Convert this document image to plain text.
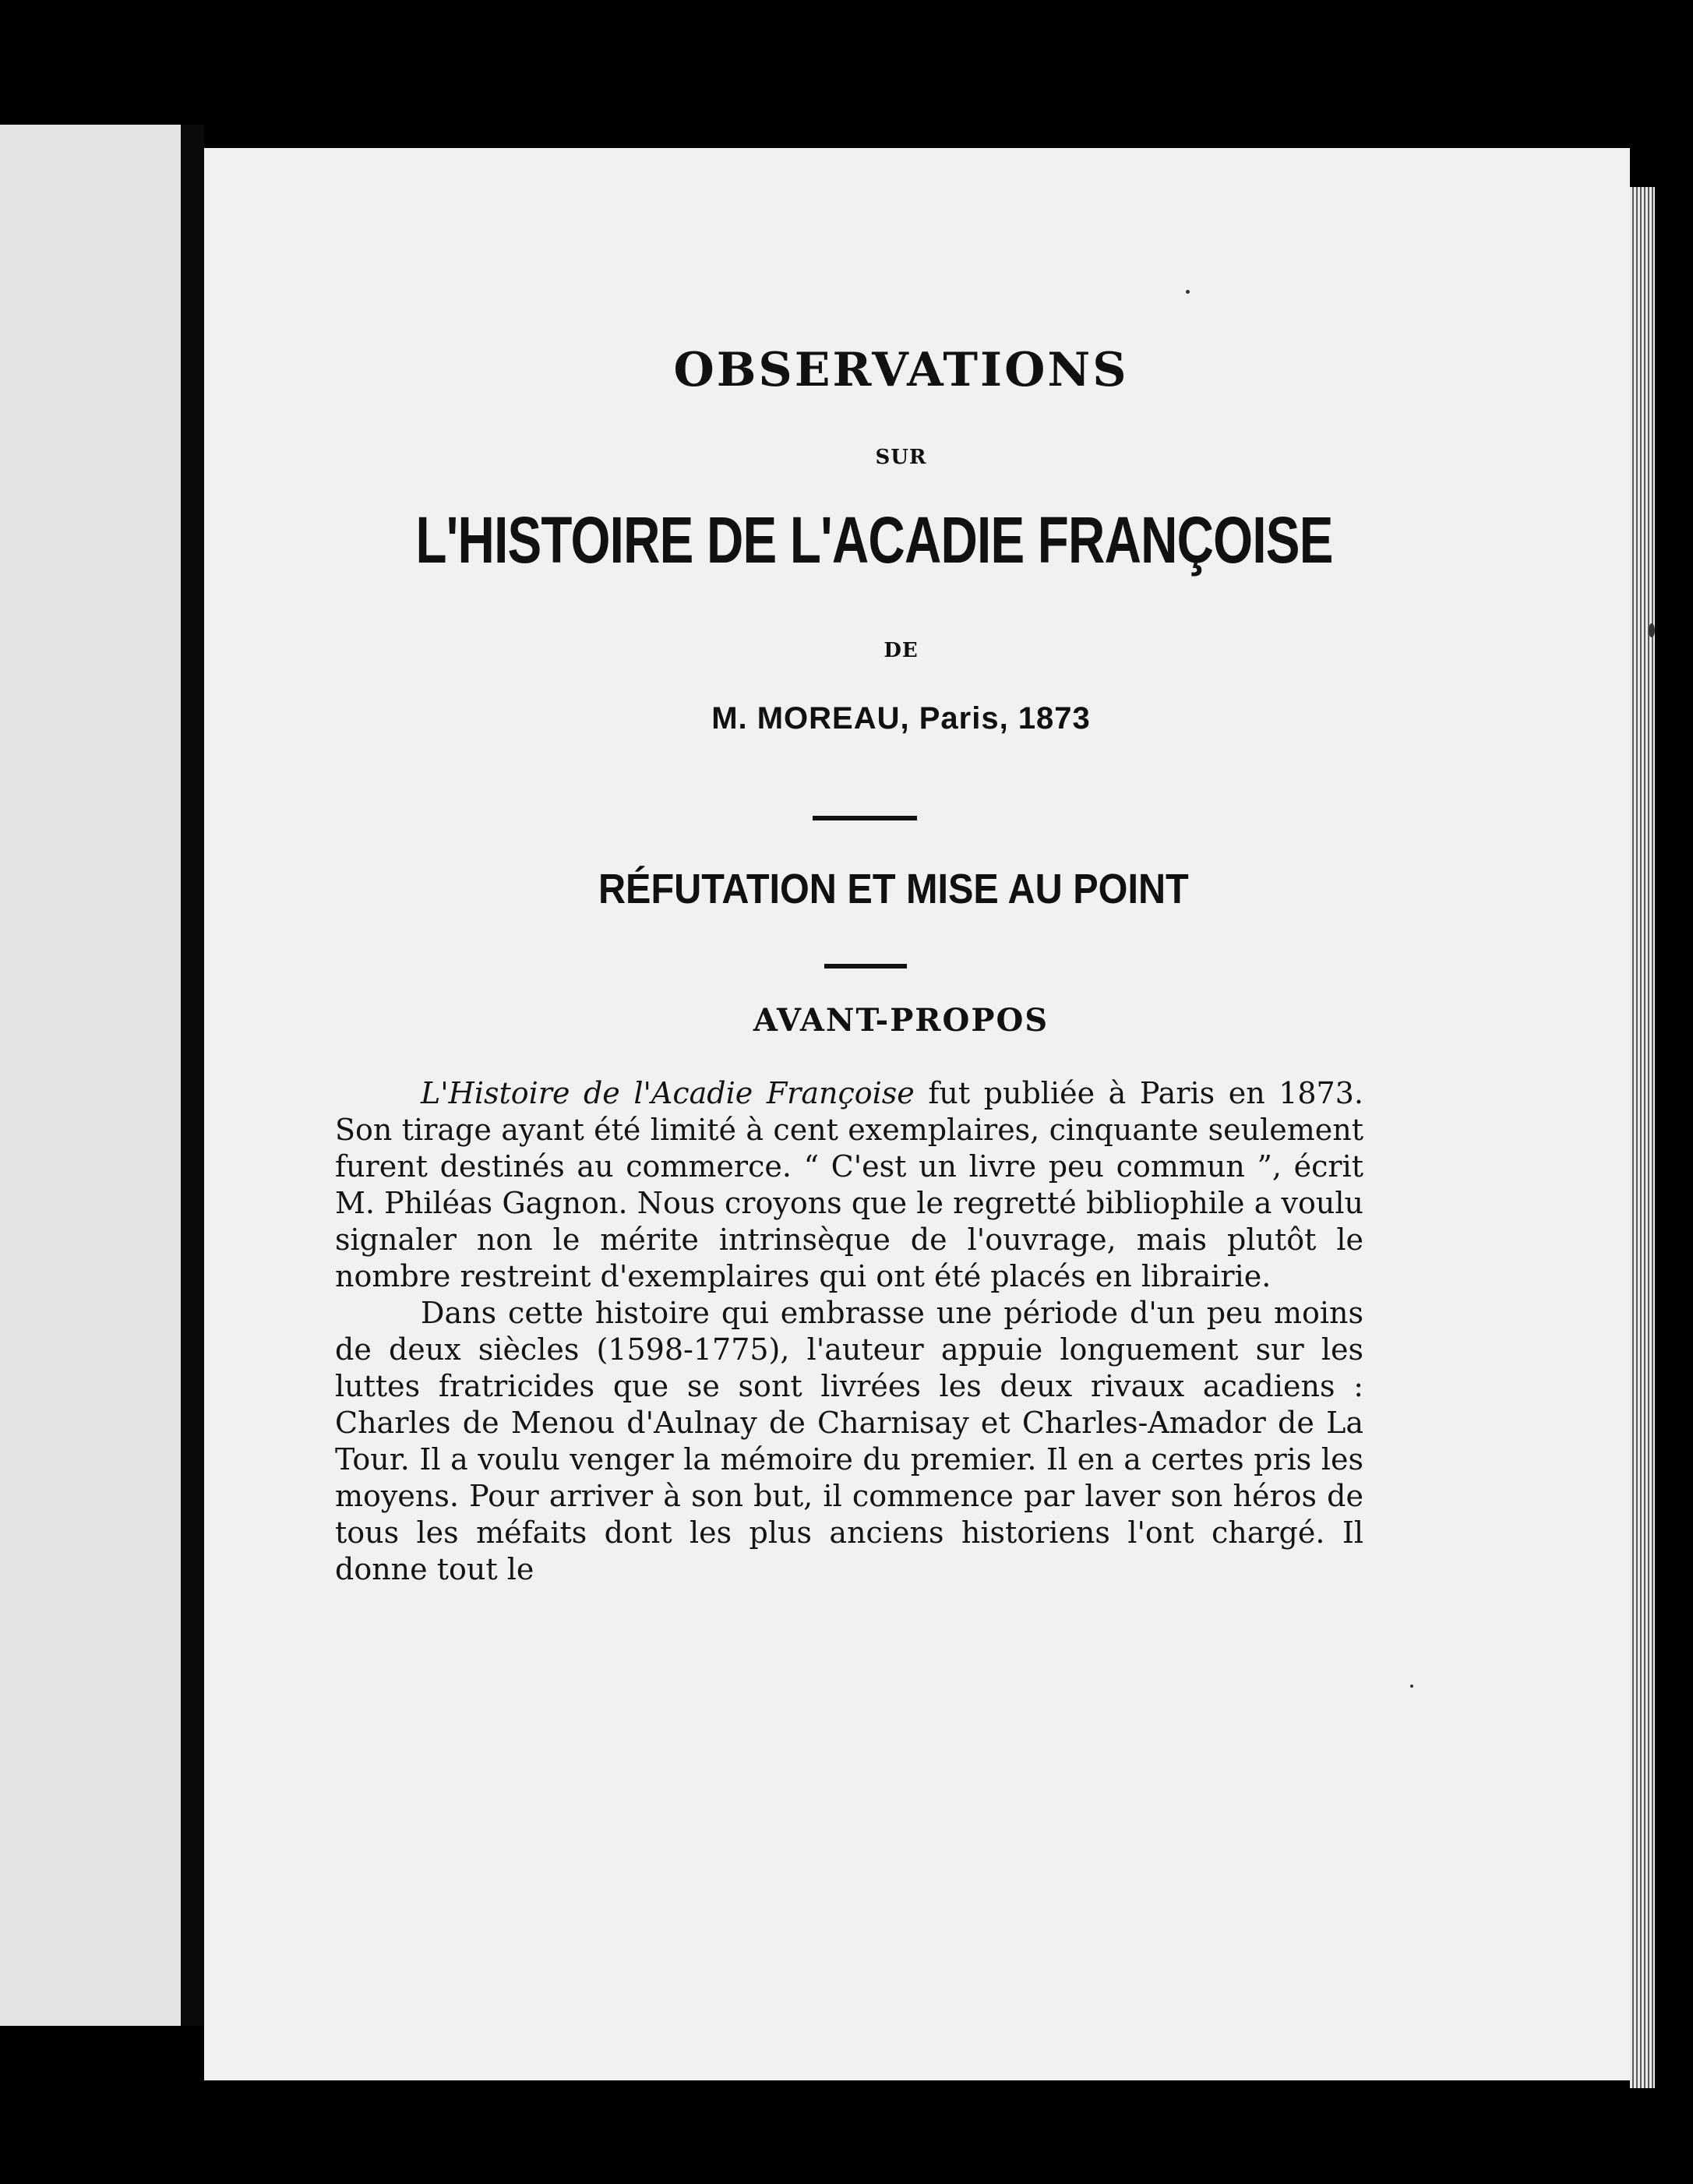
OBSERVATIONS
SUR
L'HISTOIRE DE L'ACADIE FRANÇOISE
DE
M. MOREAU, Paris, 1873
RÉFUTATION ET MISE AU POINT
AVANT-PROPOS

L'Histoire de l'Acadie Françoise fut publiée à Paris en 1873. Son tirage ayant été limité à cent exemplaires, cinquante seulement furent destinés au commerce. “ C'est un livre peu commun ”, écrit M. Philéas Gagnon. Nous croyons que le regretté bibliophile a voulu signaler non le mérite intrinsèque de l'ouvrage, mais plutôt le nombre restreint d'exemplaires qui ont été placés en librairie.

Dans cette histoire qui embrasse une période d'un peu moins de deux siècles (1598-1775), l'auteur appuie longuement sur les luttes fratricides que se sont livrées les deux rivaux acadiens : Charles de Menou d'Aulnay de Charnisay et Charles-Amador de La Tour. Il a voulu venger la mémoire du premier. Il en a certes pris les moyens. Pour arriver à son but, il commence par laver son héros de tous les méfaits dont les plus anciens historiens l'ont chargé. Il donne tout le
